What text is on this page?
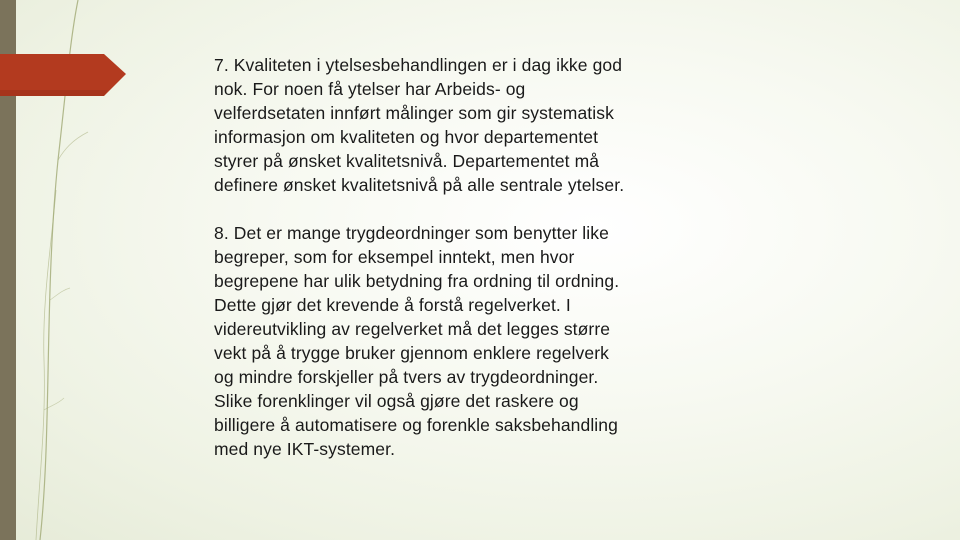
7. Kvaliteten i ytelsesbehandlingen er i dag ikke god
nok. For noen få ytelser har Arbeids- og
velferdsetaten innført målinger som gir systematisk
informasjon om kvaliteten og hvor departementet
styrer på ønsket kvalitetsnivå. Departementet må
definere ønsket kvalitetsnivå på alle sentrale ytelser.

8. Det er mange trygdeordninger som benytter like
begreper, som for eksempel inntekt, men hvor
begrepene har ulik betydning fra ordning til ordning.
Dette gjør det krevende å forstå regelverket. I
videreutvikling av regelverket må det legges større
vekt på å trygge bruker gjennom enklere regelverk
og mindre forskjeller på tvers av trygdeordninger.
Slike forenklinger vil også gjøre det raskere og
billigere å automatisere og forenkle saksbehandling
med nye IKT-systemer.
